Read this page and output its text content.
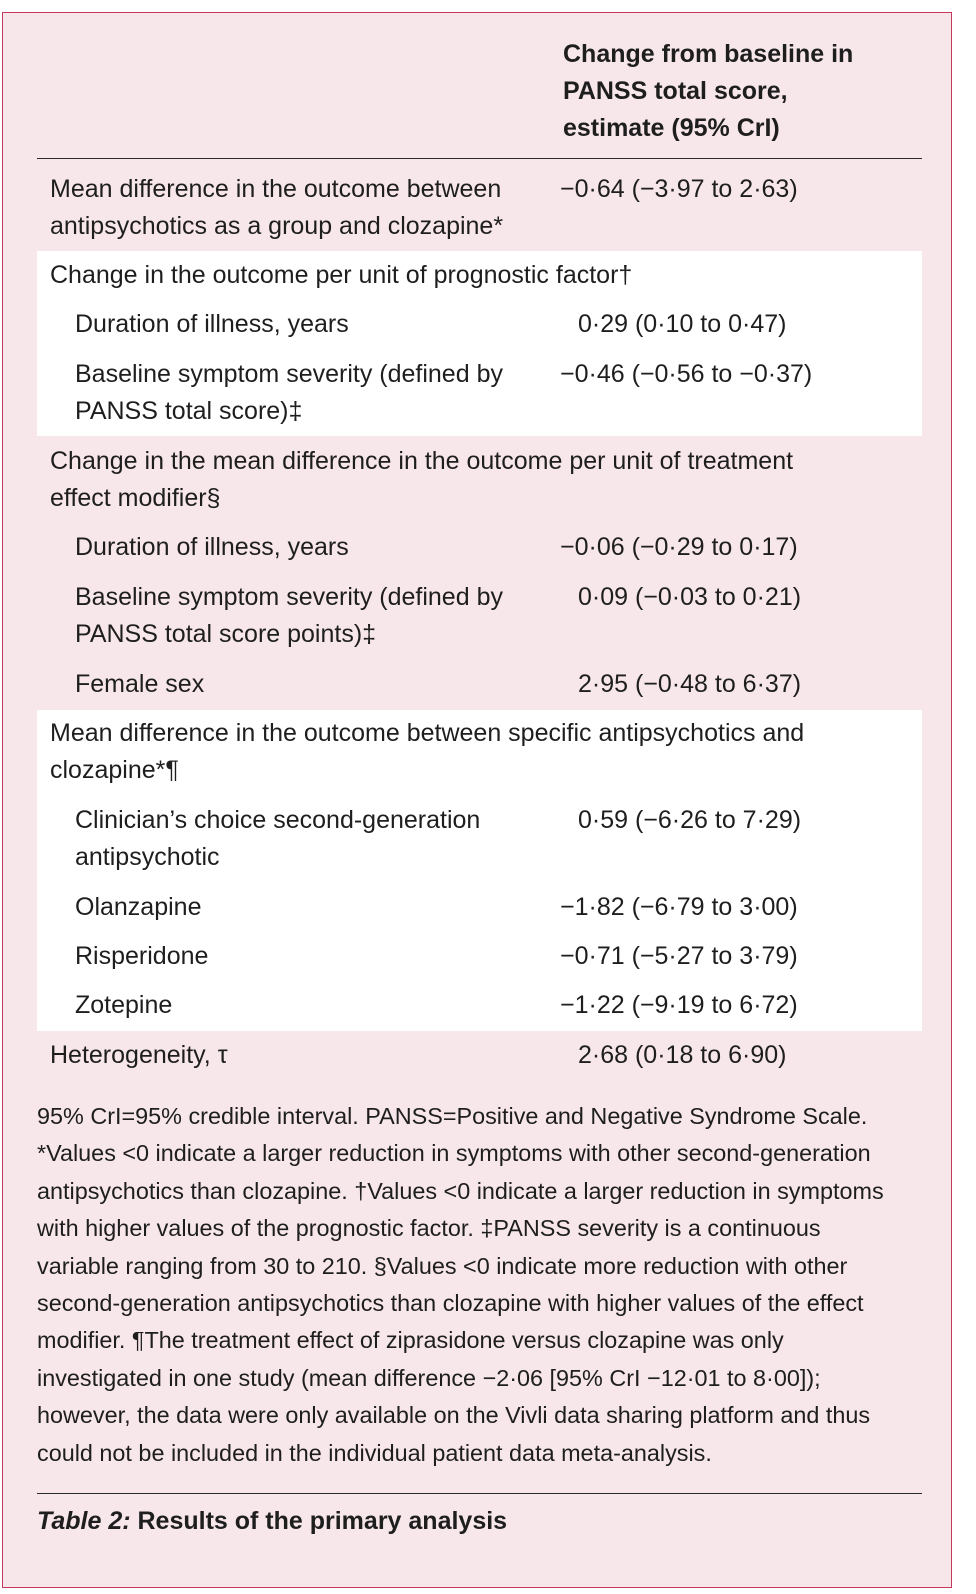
Change from baseline in
PANSS total score,
estimate (95% CrI)
Mean difference in the outcome between
antipsychotics as a group and clozapine*
−0·64 (−3·97 to 2·63)
Change in the outcome per unit of prognostic factor†
Duration of illness, years	0·29 (0·10 to 0·47)
Baseline symptom severity (defined by
PANSS total score)‡
−0·46 (−0·56 to −0·37)
Change in the mean difference in the outcome per unit of treatment
effect modifier§
Duration of illness, years	−0·06 (−0·29 to 0·17)
Baseline symptom severity (defined by
PANSS total score points)‡
0·09 (−0·03 to 0·21)
Female sex	2·95 (−0·48 to 6·37)
Mean difference in the outcome between specific antipsychotics and
clozapine*¶
Clinician’s choice second-generation
antipsychotic
0·59 (−6·26 to 7·29)
Olanzapine	−1·82 (−6·79 to 3·00)
Risperidone	−0·71 (−5·27 to 3·79)
Zotepine	−1·22 (−9·19 to 6·72)
Heterogeneity, τ	2·68 (0·18 to 6·90)
95% CrI=95% credible interval. PANSS=Positive and Negative Syndrome Scale.
*Values <0 indicate a larger reduction in symptoms with other second-generation
antipsychotics than clozapine. †Values <0 indicate a larger reduction in symptoms
with higher values of the prognostic factor. ‡PANSS severity is a continuous
variable ranging from 30 to 210. §Values <0 indicate more reduction with other
second-generation antipsychotics than clozapine with higher values of the effect
modifier. ¶The treatment effect of ziprasidone versus clozapine was only
investigated in one study (mean difference −2·06 [95% CrI −12·01 to 8·00]);
however, the data were only available on the Vivli data sharing platform and thus
could not be included in the individual patient data meta-analysis.
Table 2: Results of the primary analysis
